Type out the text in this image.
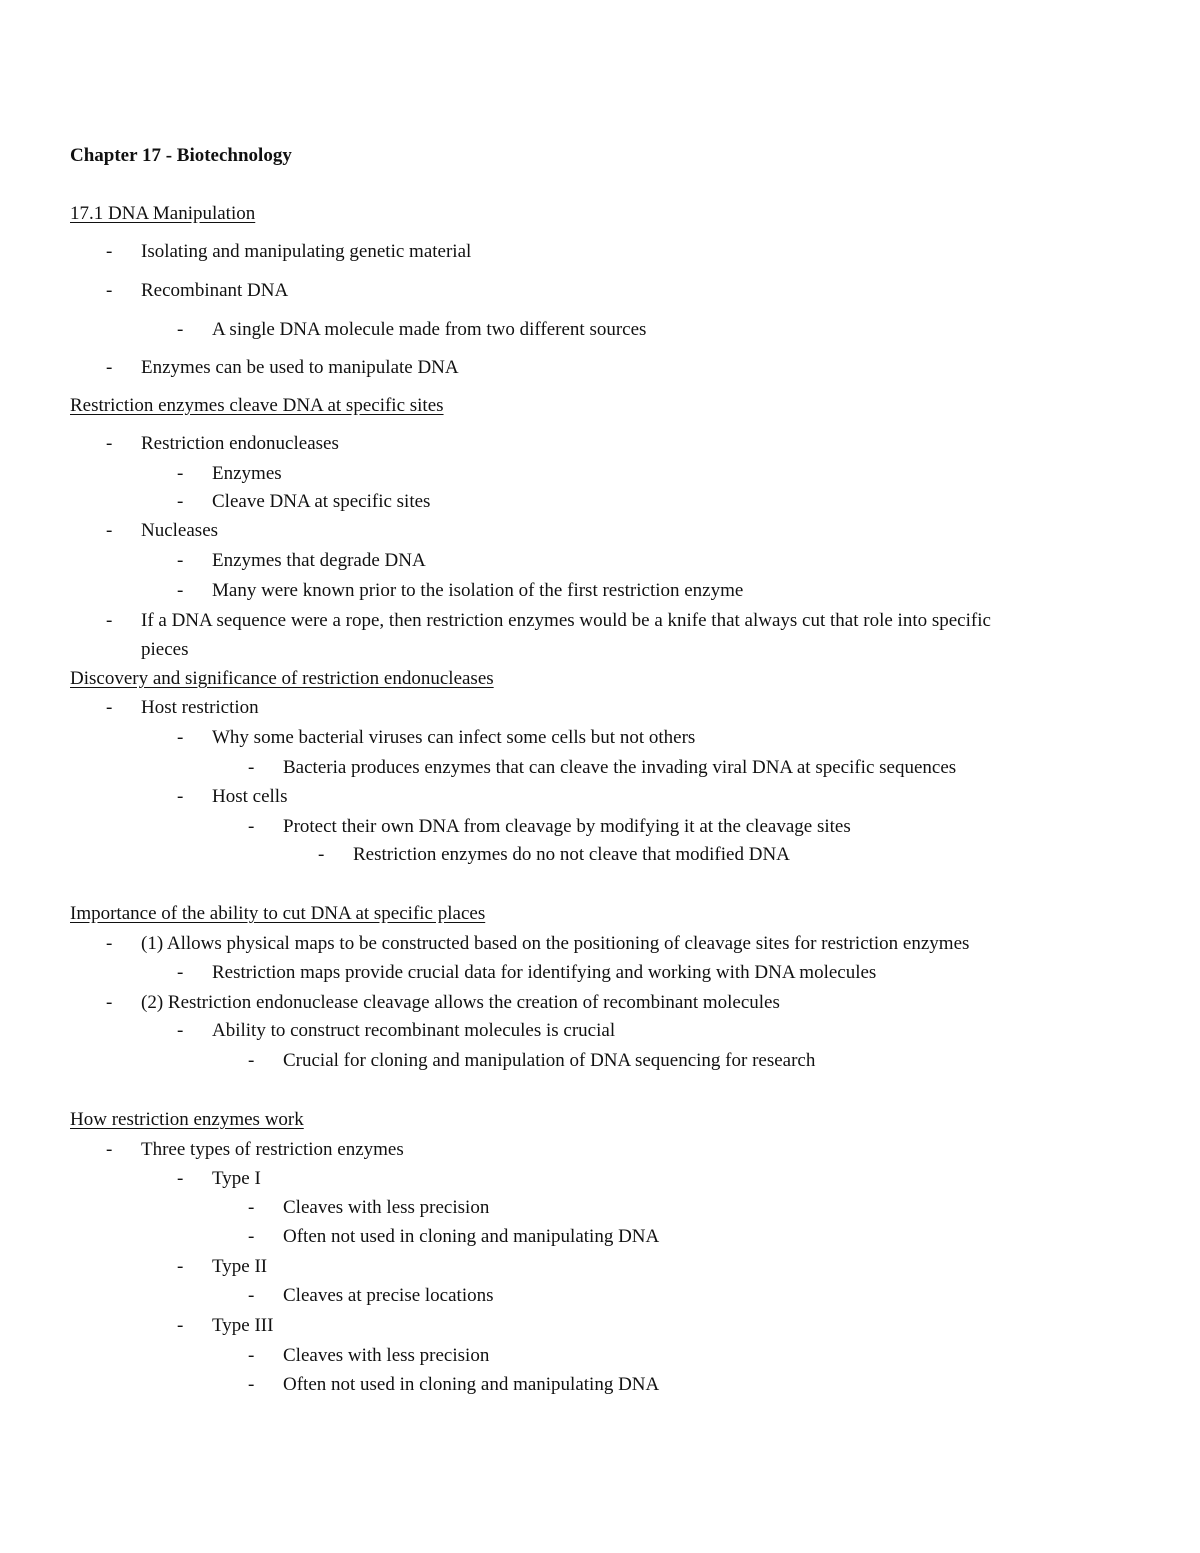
Chapter 17 - Biotechnology
17.1 DNA Manipulation
- Isolating and manipulating genetic material
- Recombinant DNA
- A single DNA molecule made from two different sources
- Enzymes can be used to manipulate DNA
Restriction enzymes cleave DNA at specific sites
- Restriction endonucleases
- Enzymes
- Cleave DNA at specific sites
- Nucleases
- Enzymes that degrade DNA
- Many were known prior to the isolation of the first restriction enzyme
- If a DNA sequence were a rope, then restriction enzymes would be a knife that always cut that role into specific
pieces
Discovery and significance of restriction endonucleases
- Host restriction
- Why some bacterial viruses can infect some cells but not others
- Bacteria produces enzymes that can cleave the invading viral DNA at specific sequences
- Host cells
- Protect their own DNA from cleavage by modifying it at the cleavage sites
- Restriction enzymes do no not cleave that modified DNA
Importance of the ability to cut DNA at specific places
- (1) Allows physical maps to be constructed based on the positioning of cleavage sites for restriction enzymes
- Restriction maps provide crucial data for identifying and working with DNA molecules
- (2) Restriction endonuclease cleavage allows the creation of recombinant molecules
- Ability to construct recombinant molecules is crucial
- Crucial for cloning and manipulation of DNA sequencing for research
How restriction enzymes work
- Three types of restriction enzymes
- Type I
- Cleaves with less precision
- Often not used in cloning and manipulating DNA
- Type II
- Cleaves at precise locations
- Type III
- Cleaves with less precision
- Often not used in cloning and manipulating DNA
